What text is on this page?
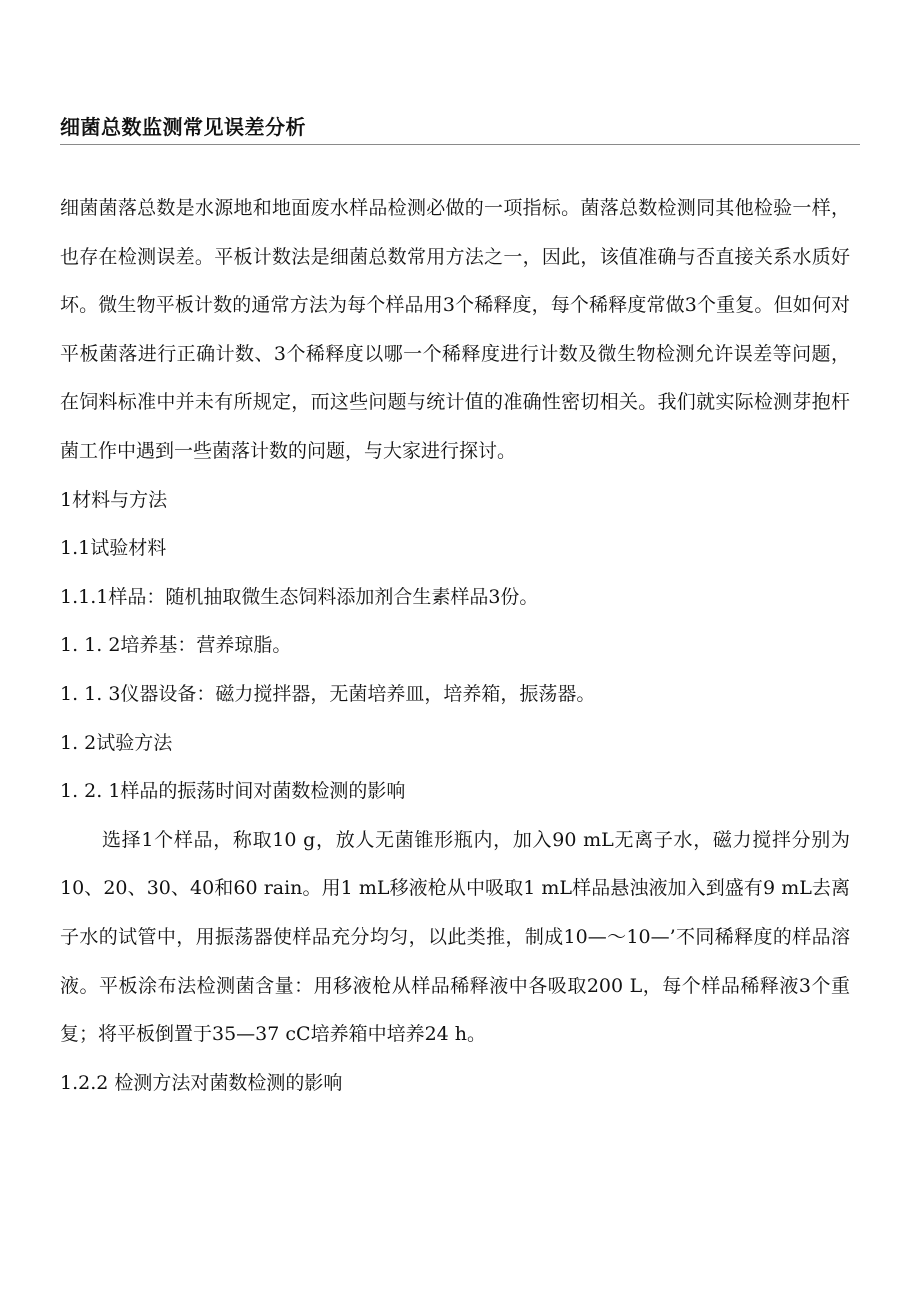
细菌总数监测常见误差分析

细菌菌落总数是水源地和地面废水样品检测必做的一项指标。菌落总数检测同其他检验一样，也存在检测误差。平板计数法是细菌总数常用方法之一，因此，该值准确与否直接关系水质好坏。微生物平板计数的通常方法为每个样品用3个稀释度，每个稀释度常做3个重复。但如何对平板菌落进行正确计数、3个稀释度以哪一个稀释度进行计数及微生物检测允许误差等问题，在饲料标准中并未有所规定，而这些问题与统计值的准确性密切相关。我们就实际检测芽抱杆菌工作中遇到一些菌落计数的问题，与大家进行探讨。

1材料与方法

1.1试验材料

1.1.1样品：随机抽取微生态饲料添加剂合生素样品3份。

1. 1. 2培养基：营养琼脂。

1. 1. 3仪器设备：磁力搅拌器，无菌培养皿，培养箱，振荡器。

1. 2试验方法

1. 2. 1样品的振荡时间对菌数检测的影响

选择1个样品，称取10 g，放人无菌锥形瓶内，加入90 mL无离子水，磁力搅拌分别为10、20、30、40和60 rain。用1 mL移液枪从中吸取1 mL样品悬浊液加入到盛有9 mL去离子水的试管中，用振荡器使样品充分均匀，以此类推，制成10—～10—’不同稀释度的样品溶液。平板涂布法检测菌含量：用移液枪从样品稀释液中各吸取200 L，每个样品稀释液3个重复；将平板倒置于35—37 cC培养箱中培养24 h。

1.2.2 检测方法对菌数检测的影响
